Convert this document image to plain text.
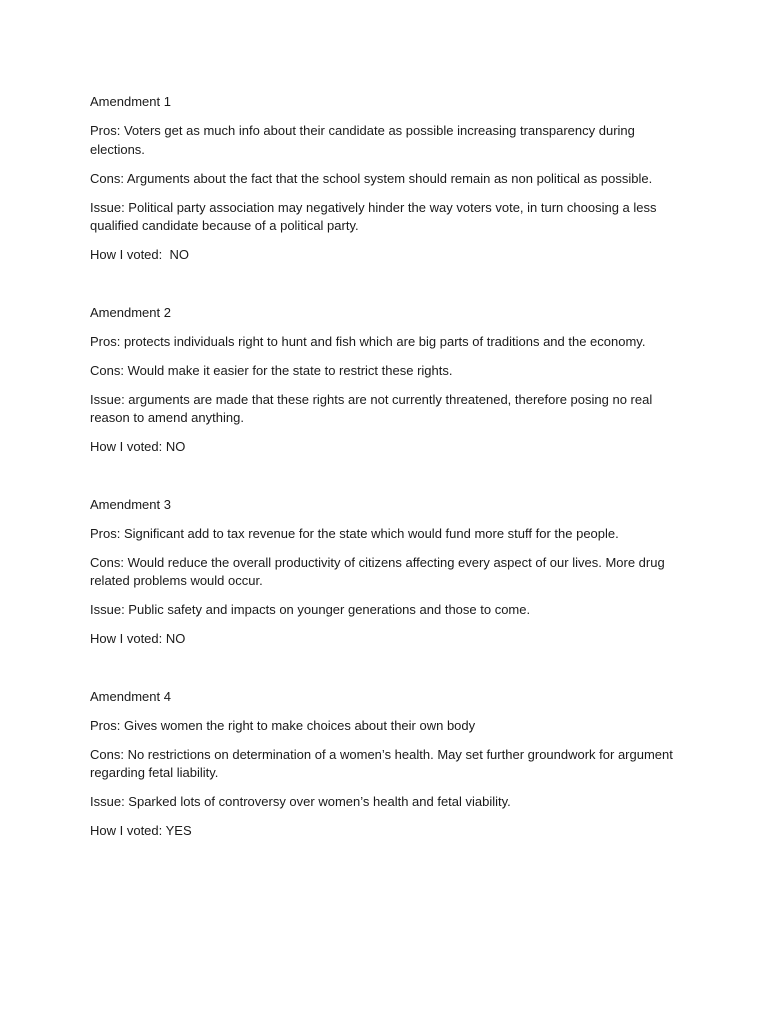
Amendment 1

Pros: Voters get as much info about their candidate as possible increasing transparency during elections.

Cons: Arguments about the fact that the school system should remain as non political as possible.

Issue: Political party association may negatively hinder the way voters vote, in turn choosing a less qualified candidate because of a political party.

How I voted:  NO

Amendment 2

Pros: protects individuals right to hunt and fish which are big parts of traditions and the economy.

Cons: Would make it easier for the state to restrict these rights.

Issue: arguments are made that these rights are not currently threatened, therefore posing no real reason to amend anything.

How I voted: NO

Amendment 3

Pros: Significant add to tax revenue for the state which would fund more stuff for the people.

Cons: Would reduce the overall productivity of citizens affecting every aspect of our lives. More drug related problems would occur.

Issue: Public safety and impacts on younger generations and those to come.

How I voted: NO

Amendment 4

Pros: Gives women the right to make choices about their own body

Cons: No restrictions on determination of a women’s health. May set further groundwork for argument regarding fetal liability.

Issue: Sparked lots of controversy over women’s health and fetal viability.

How I voted: YES
